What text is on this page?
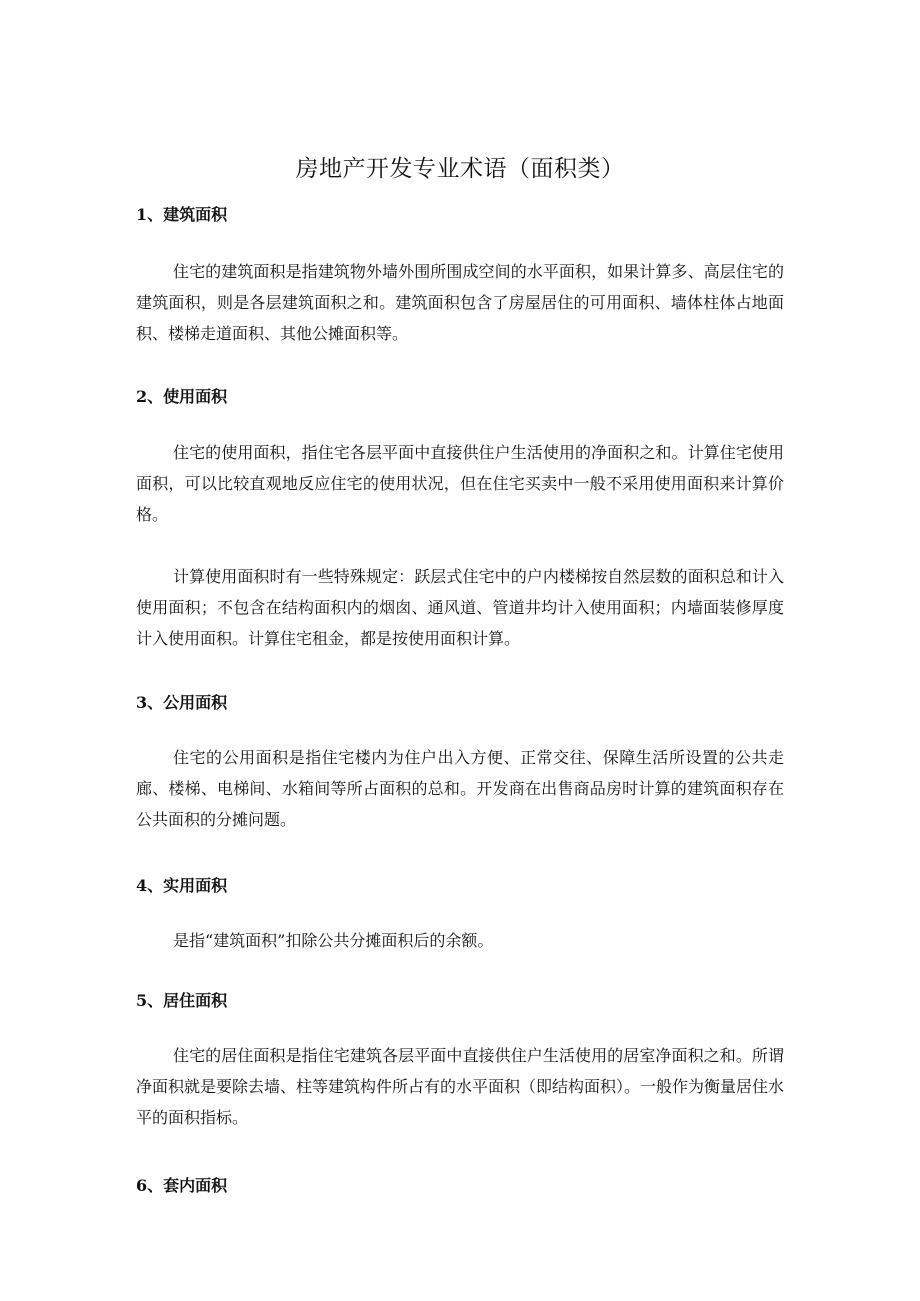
房地产开发专业术语（面积类）
1、建筑面积

住宅的建筑面积是指建筑物外墙外围所围成空间的水平面积，如果计算多、高层住宅的建筑面积，则是各层建筑面积之和。建筑面积包含了房屋居住的可用面积、墙体柱体占地面积、楼梯走道面积、其他公摊面积等。

2、使用面积

住宅的使用面积，指住宅各层平面中直接供住户生活使用的净面积之和。计算住宅使用面积，可以比较直观地反应住宅的使用状况，但在住宅买卖中一般不采用使用面积来计算价格。

计算使用面积时有一些特殊规定：跃层式住宅中的户内楼梯按自然层数的面积总和计入使用面积；不包含在结构面积内的烟囱、通风道、管道井均计入使用面积；内墙面装修厚度计入使用面积。计算住宅租金，都是按使用面积计算。

3、公用面积

住宅的公用面积是指住宅楼内为住户出入方便、正常交往、保障生活所设置的公共走廊、楼梯、电梯间、水箱间等所占面积的总和。开发商在出售商品房时计算的建筑面积存在公共面积的分摊问题。

4、实用面积

是指“建筑面积”扣除公共分摊面积后的余额。

5、居住面积

住宅的居住面积是指住宅建筑各层平面中直接供住户生活使用的居室净面积之和。所谓净面积就是要除去墙、柱等建筑构件所占有的水平面积（即结构面积）。一般作为衡量居住水平的面积指标。

6、套内面积
